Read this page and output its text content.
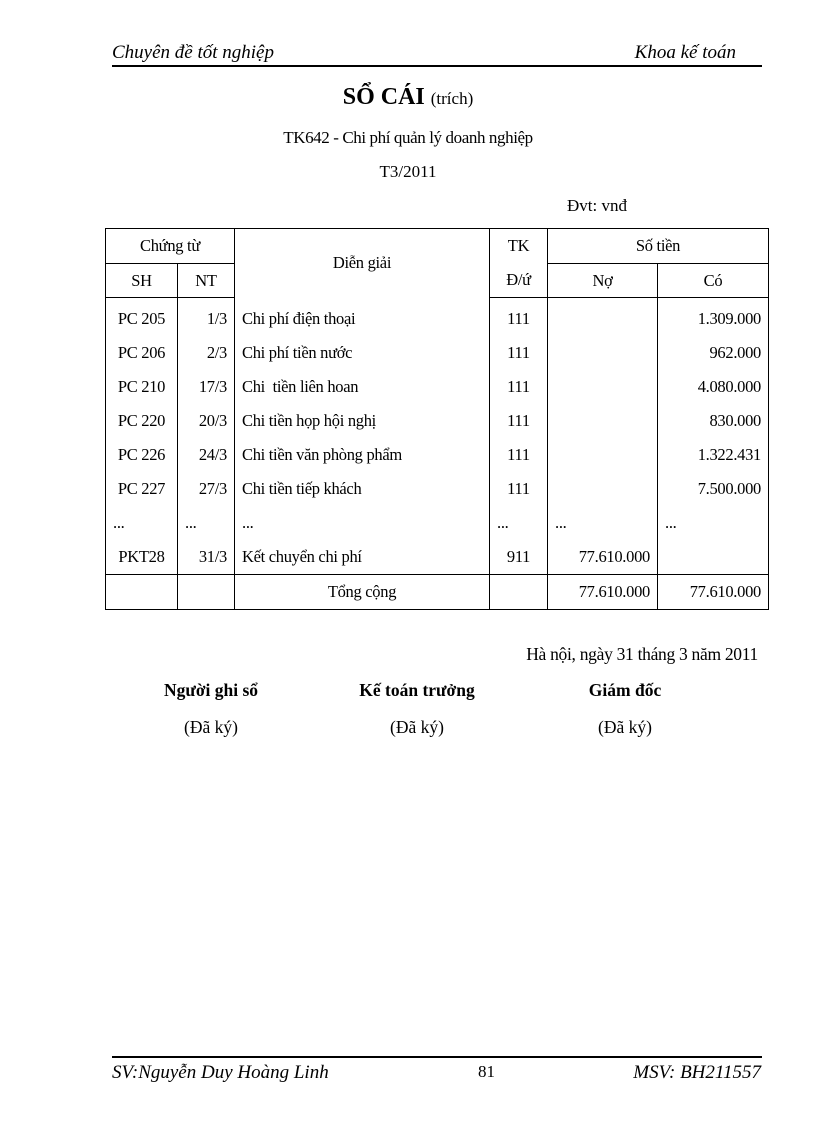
Chuyên đề tốt nghiệp	Khoa kế toán
SỔ CÁI (trích)
TK642 - Chi phí quản lý doanh nghiệp
T3/2011
Đvt: vnđ
Chứng từ		Diễn giải	TK	Số tiền	
SH	NT		Đ/ứ	Nợ	Có

PC 205	1/3	Chi phí điện thoại	111		1.309.000
PC 206	2/3	Chi phí tiền nước	111		962.000
PC 210	17/3	Chi  tiền liên hoan	111		4.080.000
PC 220	20/3	Chi tiền họp hội nghị	111		830.000
PC 226	24/3	Chi tiền văn phòng phẩm	111		1.322.431
PC 227	27/3	Chi tiền tiếp khách	111		7.500.000
...	...	...	...	...	...
PKT28	31/3	Kết chuyển chi phí	911	77.610.000	
		Tổng cộng		77.610.000	77.610.000
Hà nội, ngày 31 tháng 3 năm 2011
Người ghi sổ	Kế toán trưởng	Giám đốc
(Đã ký)	(Đã ký)	(Đã ký)
SV:Nguyễn Duy Hoàng Linh	81	MSV: BH211557
